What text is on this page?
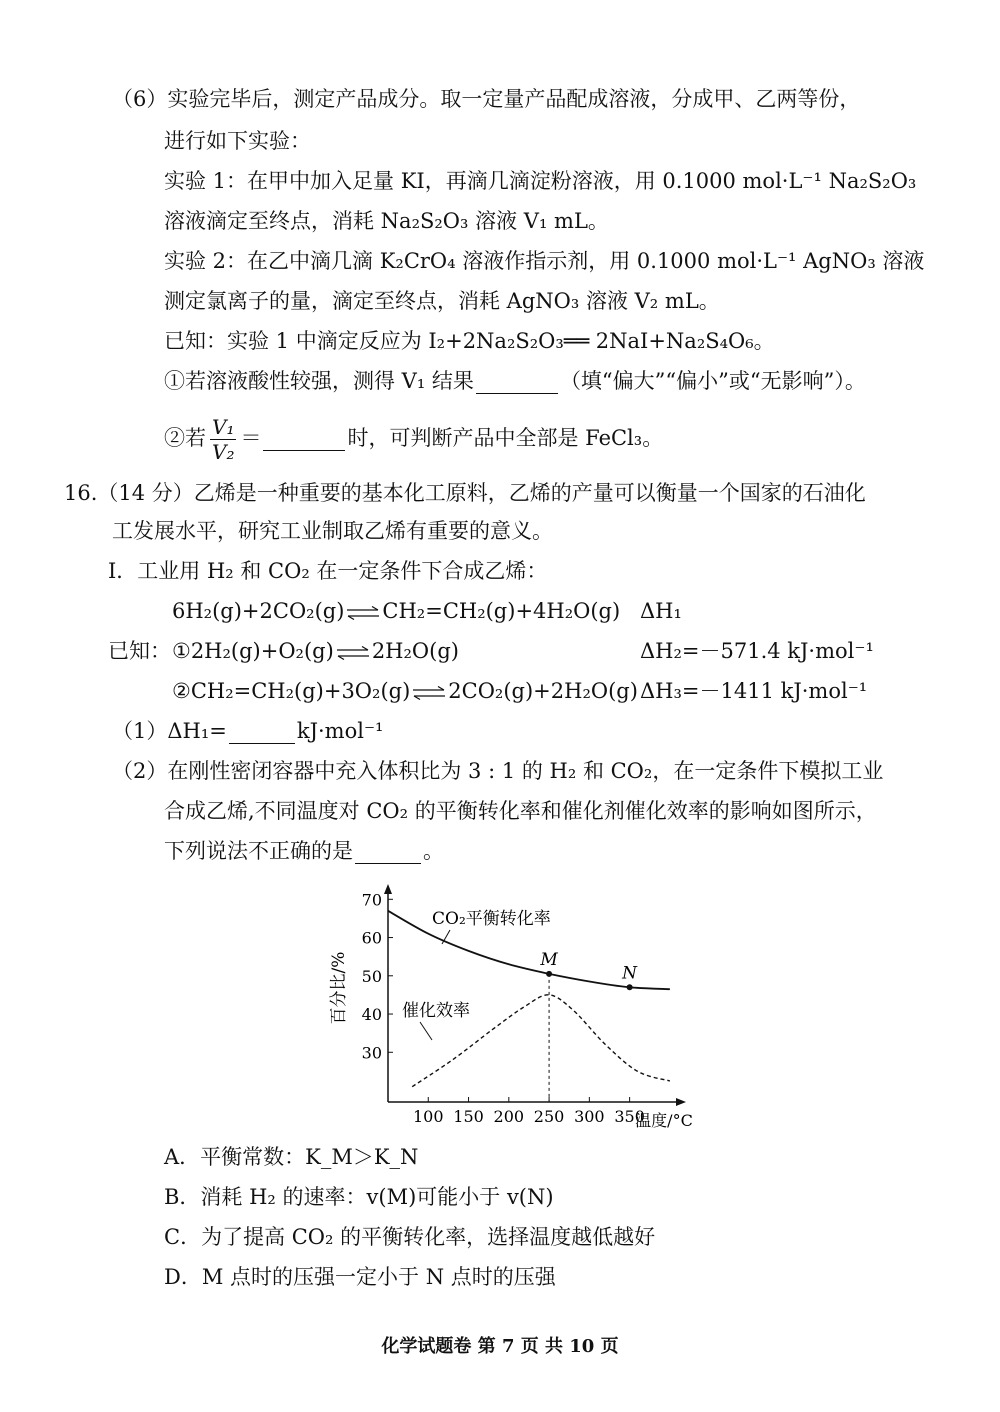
（6）实验完毕后，测定产品成分。取一定量产品配成溶液，分成甲、乙两等份，
进行如下实验：
实验 1：在甲中加入足量 KI，再滴几滴淀粉溶液，用 0.1000 mol·L⁻¹ Na₂S₂O₃
溶液滴定至终点，消耗 Na₂S₂O₃ 溶液 V₁ mL。
实验 2：在乙中滴几滴 K₂CrO₄ 溶液作指示剂，用 0.1000 mol·L⁻¹ AgNO₃ 溶液
测定氯离子的量，滴定至终点，消耗 AgNO₃ 溶液 V₂ mL。
已知：实验 1 中滴定反应为 I₂+2Na₂S₂O₃══ 2NaI+Na₂S₄O₆。
①若溶液酸性较强，测得 V₁ 结果	（填“偏大”“偏小”或“无影响”）。
②若 $\frac{\text{V₁}}{\text{V₂}}$ ＝	时，可判断产品中全部是 FeCl₃。
16.（14 分）乙烯是一种重要的基本化工原料，乙烯的产量可以衡量一个国家的石油化
工发展水平，研究工业制取乙烯有重要的意义。
I．工业用 H₂ 和 CO₂ 在一定条件下合成乙烯：
6H₂(g)+2CO₂(g) ⇌ CH₂=CH₂(g)+4H₂O(g) ΔH₁
已知： ①2H₂(g)+O₂(g) ⇌ 2H₂O(g)	ΔH₂=－571.4 kJ·mol⁻¹
②CH₂=CH₂(g)+3O₂(g) ⇌ 2CO₂(g)+2H₂O(g) ΔH₃=－1411 kJ·mol⁻¹
（1）ΔH₁=	kJ·mol⁻¹
（2）在刚性密闭容器中充入体积比为 3 : 1 的 H₂ 和 CO₂，在一定条件下模拟工业
合成乙烯,不同温度对 CO₂ 的平衡转化率和催化剂催化效率的影响如图所示，
下列说法不正确的是	。
100 150 200 250 300 350
30
40
50
60
70
M
N
百分比/%
温度/°C
CO₂平衡转化率
催化效率
A．平衡常数：K_M＞K_N
B．消耗 H₂ 的速率：v(M)可能小于 v(N)
C．为了提高 CO₂ 的平衡转化率，选择温度越低越好
D．M 点时的压强一定小于 N 点时的压强
化学试题卷 第 7 页 共 10 页
